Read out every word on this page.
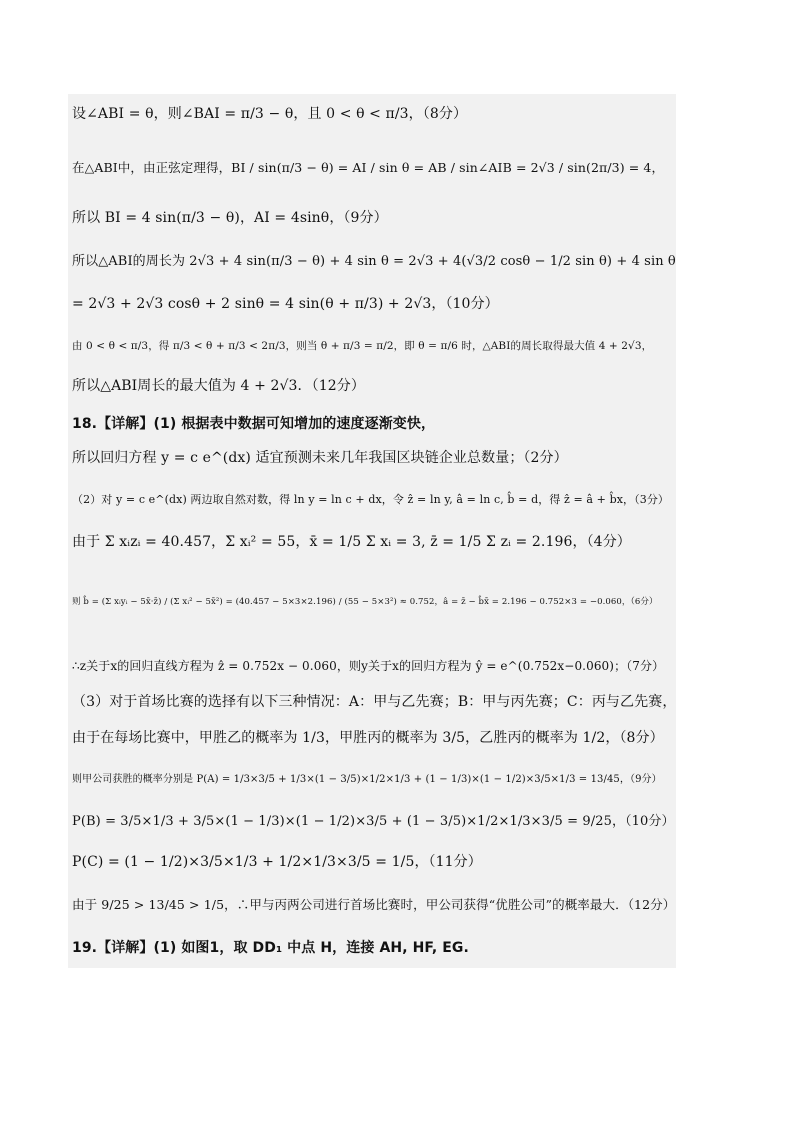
设∠ABI = θ，则∠BAI = π/3 − θ，且 0 < θ < π/3，（8分）
在△ABI中，由正弦定理得，BI / sin(π/3 − θ) = AI / sin θ = AB / sin∠AIB = 2√3 / sin(2π/3) = 4，
所以 BI = 4 sin(π/3 − θ)，AI = 4sinθ，（9分）
所以△ABI的周长为 2√3 + 4 sin(π/3 − θ) + 4 sin θ = 2√3 + 4(√3/2 cosθ − 1/2 sin θ) + 4 sin θ
= 2√3 + 2√3 cosθ + 2 sinθ = 4 sin(θ + π/3) + 2√3，（10分）
由 0 < θ < π/3，得 π/3 < θ + π/3 < 2π/3，则当 θ + π/3 = π/2，即 θ = π/6 时，△ABI的周长取得最大值 4 + 2√3，
所以△ABI周长的最大值为 4 + 2√3．（12分）
18.【详解】(1) 根据表中数据可知增加的速度逐渐变快，
所以回归方程 y = c e^(dx) 适宜预测未来几年我国区块链企业总数量；（2分）
（2）对 y = c e^(dx) 两边取自然对数，得 ln y = ln c + dx，令 ẑ = ln y, â = ln c, b̂ = d，得 ẑ = â + b̂x，（3分）
由于 Σ xᵢzᵢ = 40.457，Σ xᵢ² = 55，x̄ = 1/5 Σ xᵢ = 3, z̄ = 1/5 Σ zᵢ = 2.196，（4分）
则 b̂ = (Σ xᵢyᵢ − 5x̄·z̄) / (Σ xᵢ² − 5x̄²) = (40.457 − 5×3×2.196) / (55 − 5×3²) ≈ 0.752，â = z̄ − b̂x̄ = 2.196 − 0.752×3 = −0.060，（6分）
∴z关于x的回归直线方程为 ẑ = 0.752x − 0.060，则y关于x的回归方程为 ŷ = e^(0.752x−0.060)；（7分）
（3）对于首场比赛的选择有以下三种情况：A：甲与乙先赛；B：甲与丙先赛；C：丙与乙先赛，
由于在每场比赛中，甲胜乙的概率为 1/3，甲胜丙的概率为 3/5，乙胜丙的概率为 1/2，（8分）
则甲公司获胜的概率分别是 P(A) = 1/3×3/5 + 1/3×(1 − 3/5)×1/2×1/3 + (1 − 1/3)×(1 − 1/2)×3/5×1/3 = 13/45，（9分）
P(B) = 3/5×1/3 + 3/5×(1 − 1/3)×(1 − 1/2)×3/5 + (1 − 3/5)×1/2×1/3×3/5 = 9/25，（10分）
P(C) = (1 − 1/2)×3/5×1/3 + 1/2×1/3×3/5 = 1/5，（11分）
由于 9/25 > 13/45 > 1/5，∴甲与丙两公司进行首场比赛时，甲公司获得“优胜公司”的概率最大．（12分）
19.【详解】(1) 如图1，取 DD₁ 中点 H，连接 AH, HF, EG.
